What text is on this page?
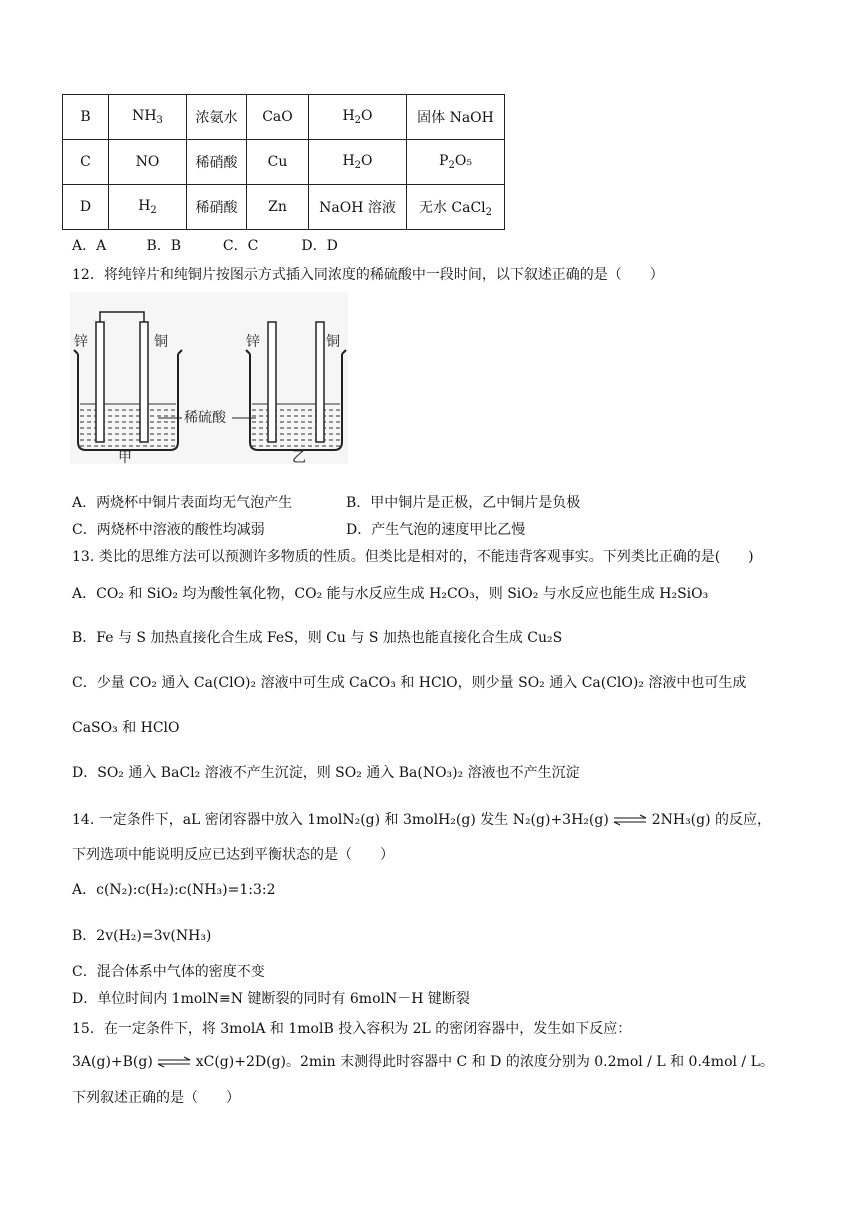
B	$NH_3$	浓氨水	CaO	$H_2O$	固体 NaOH
C	NO	稀硝酸	Cu	$H_2O$	$P_2O_5$
D	$H_2$	稀硝酸	Zn	NaOH 溶液	无水 CaCl$_2$
A．A	B．B	C．C	D．D
12．将纯锌片和纯铜片按图示方式插入同浓度的稀硫酸中一段时间，以下叙述正确的是（　　）
锌	铜	锌	铜
稀硫酸
甲	乙
A．两烧杯中铜片表面均无气泡产生	B．甲中铜片是正极，乙中铜片是负极
C．两烧杯中溶液的酸性均减弱	D．产生气泡的速度甲比乙慢
13. 类比的思维方法可以预测许多物质的性质。但类比是相对的，不能违背客观事实。下列类比正确的是(　　)
A．CO₂ 和 SiO₂ 均为酸性氧化物，CO₂ 能与水反应生成 H₂CO₃，则 SiO₂ 与水反应也能生成 H₂SiO₃
B．Fe 与 S 加热直接化合生成 FeS，则 Cu 与 S 加热也能直接化合生成 Cu₂S
C．少量 CO₂ 通入 Ca(ClO)₂ 溶液中可生成 CaCO₃ 和 HClO，则少量 SO₂ 通入 Ca(ClO)₂ 溶液中也可生成
CaSO₃ 和 HClO
D．SO₂ 通入 BaCl₂ 溶液不产生沉淀，则 SO₂ 通入 Ba(NO₃)₂ 溶液也不产生沉淀
14. 一定条件下，aL 密闭容器中放入 1molN₂(g) 和 3molH₂(g) 发生 N₂(g)+3H₂(g) ⇌ 2NH₃(g) 的反应，
下列选项中能说明反应已达到平衡状态的是（　　）
A．c(N₂):c(H₂):c(NH₃)=1:3:2
B．2v(H₂)=3v(NH₃)
C．混合体系中气体的密度不变
D．单位时间内 1molN≡N 键断裂的同时有 6molN－H 键断裂
15．在一定条件下，将 3molA 和 1molB 投入容积为 2L 的密闭容器中，发生如下反应：
3A(g)+B(g) ⇌ xC(g)+2D(g)。2min 末测得此时容器中 C 和 D 的浓度分别为 0.2mol / L 和 0.4mol / L。
下列叙述正确的是（　　）
